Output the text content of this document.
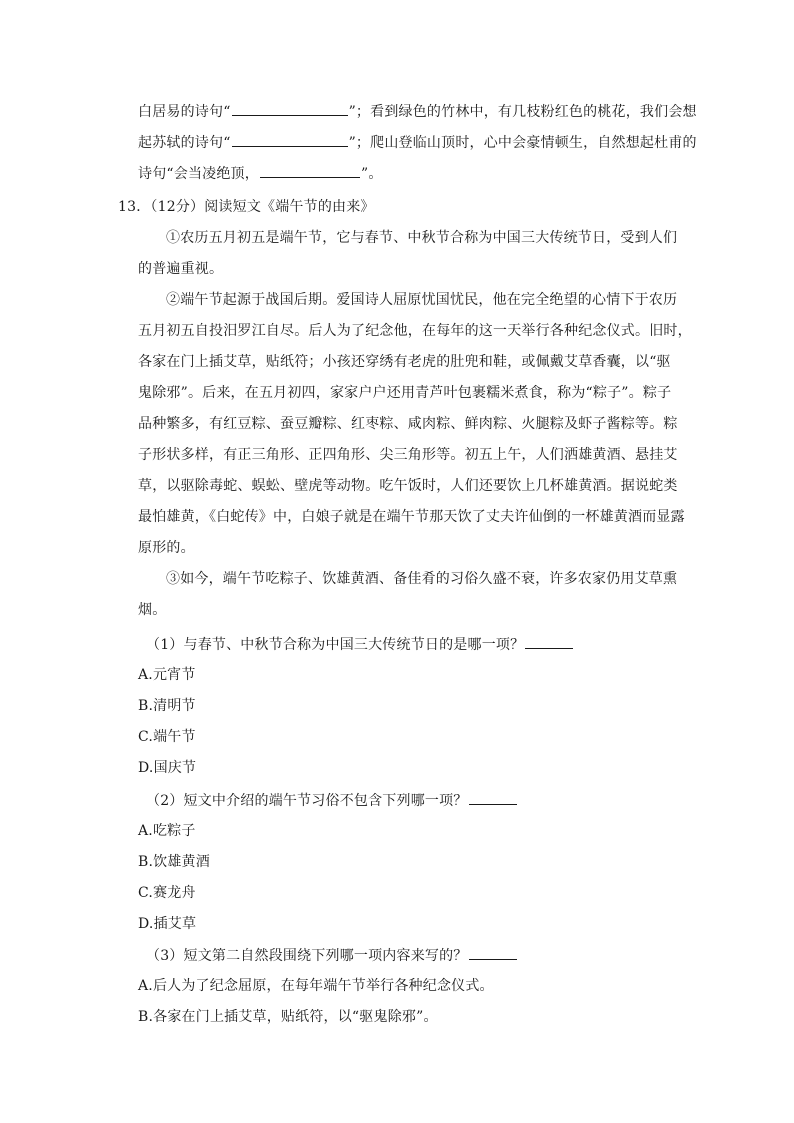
白居易的诗句“	”；看到绿色的竹林中，有几枝粉红色的桃花，我们会想
起苏轼的诗句“	”；爬山登临山顶时，心中会豪情顿生，自然想起杜甫的
诗句“会当凌绝顶，	”。
13．（12分）阅读短文《端午节的由来》
①农历五月初五是端午节，它与春节、中秋节合称为中国三大传统节日，受到人们
的普遍重视。
②端午节起源于战国后期。爱国诗人屈原忧国忧民，他在完全绝望的心情下于农历
五月初五自投汨罗江自尽。后人为了纪念他，在每年的这一天举行各种纪念仪式。旧时，
各家在门上插艾草，贴纸符；小孩还穿绣有老虎的肚兜和鞋，或佩戴艾草香囊，以“驱
鬼除邪”。后来，在五月初四，家家户户还用青芦叶包裹糯米煮食，称为“粽子”。粽子
品种繁多，有红豆粽、蚕豆瓣粽、红枣粽、咸肉粽、鲜肉粽、火腿粽及虾子酱粽等。粽
子形状多样，有正三角形、正四角形、尖三角形等。初五上午，人们洒雄黄酒、悬挂艾
草，以驱除毒蛇、蜈蚣、壁虎等动物。吃午饭时，人们还要饮上几杯雄黄酒。据说蛇类
最怕雄黄，《白蛇传》中，白娘子就是在端午节那天饮了丈夫许仙倒的一杯雄黄酒而显露
原形的。
③如今，端午节吃粽子、饮雄黄酒、备佳肴的习俗久盛不衰，许多农家仍用艾草熏
烟。
（1）与春节、中秋节合称为中国三大传统节日的是哪一项？
A.元宵节
B.清明节
C.端午节
D.国庆节
（2）短文中介绍的端午节习俗不包含下列哪一项？
A.吃粽子
B.饮雄黄酒
C.赛龙舟
D.插艾草
（3）短文第二自然段围绕下列哪一项内容来写的？
A.后人为了纪念屈原，在每年端午节举行各种纪念仪式。
B.各家在门上插艾草，贴纸符，以“驱鬼除邪”。
